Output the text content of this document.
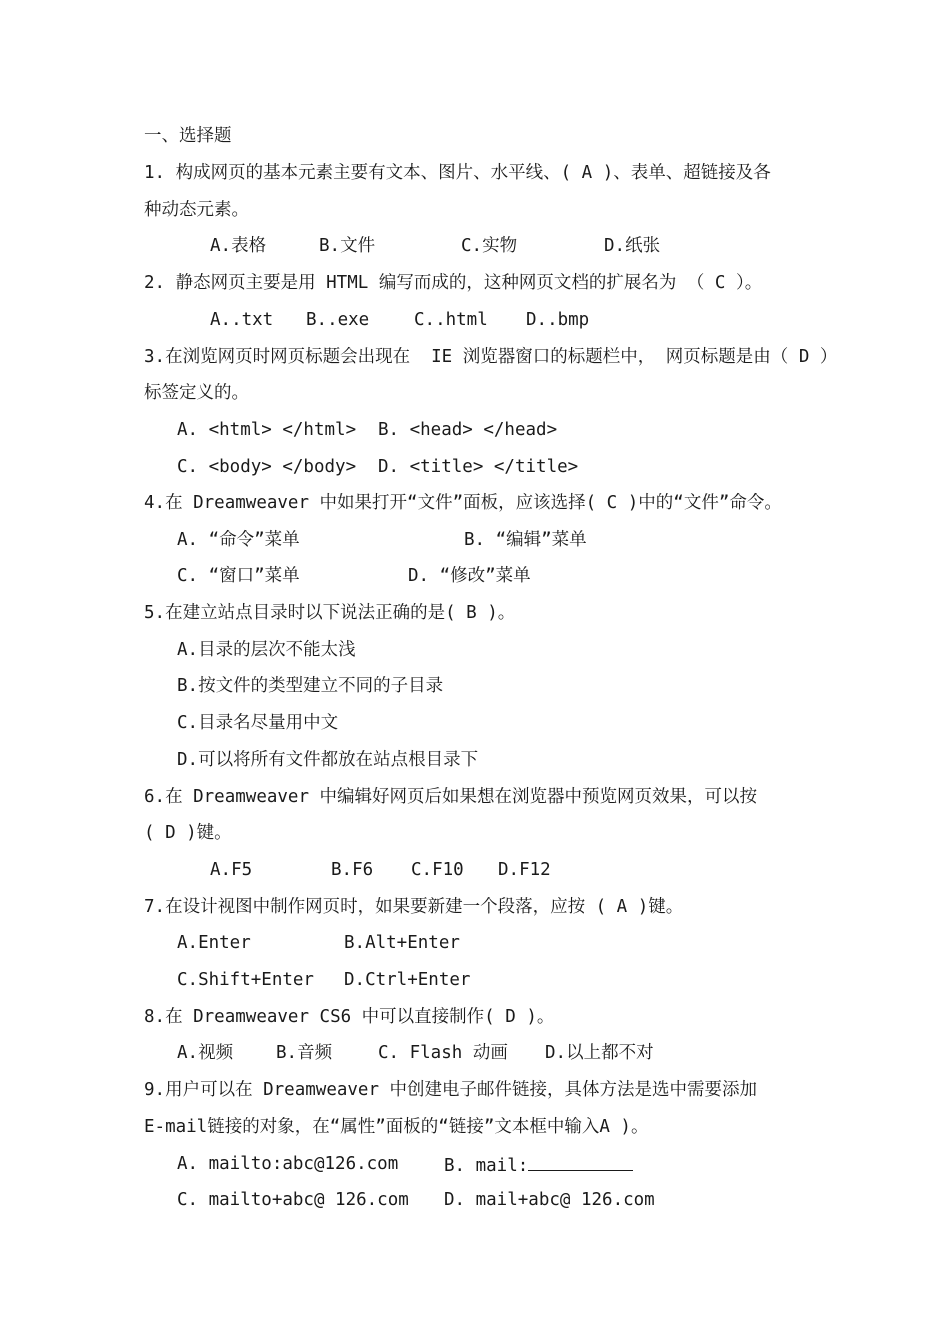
一、选择题
1. 构成网页的基本元素主要有文本、图片、水平线、( A )、表单、超链接及各
种动态元素。
A.表格	B.文件	C.实物	D.纸张
2. 静态网页主要是用 HTML 编写而成的，这种网页文档的扩展名为 （ C ）。
A..txt B..exe	C..html D..bmp
3.在浏览网页时网页标题会出现在  IE 浏览器窗口的标题栏中， 网页标题是由（ D ）
标签定义的。
A. <html> </html> B. <head> </head>
C. <body> </body> D. <title> </title>
4.在 Dreamweaver 中如果打开“文件”面板，应该选择( C )中的“文件”命令。
A. “命令”菜单	B. “编辑”菜单
C. “窗口”菜单	D. “修改”菜单
5.在建立站点目录时以下说法正确的是( B )。
A.目录的层次不能太浅
B.按文件的类型建立不同的子目录
C.目录名尽量用中文
D.可以将所有文件都放在站点根目录下
6.在 Dreamweaver 中编辑好网页后如果想在浏览器中预览网页效果，可以按
( D )键。
A.F5	B.F6 C.F10 D.F12
7.在设计视图中制作网页时，如果要新建一个段落，应按 ( A )键。
A.Enter	B.Alt+Enter
C.Shift+Enter D.Ctrl+Enter
8.在 Dreamweaver CS6 中可以直接制作( D )。
A.视频 B.音频	C. Flash 动画 D.以上都不对
9.用户可以在 Dreamweaver 中创建电子邮件链接，具体方法是选中需要添加
E-mail链接的对象，在“属性”面板的“链接”文本框中输入A )。
A. mailto:abc@126.com	B. mail:
C. mailto+abc@ 126.com D. mail+abc@ 126.com
